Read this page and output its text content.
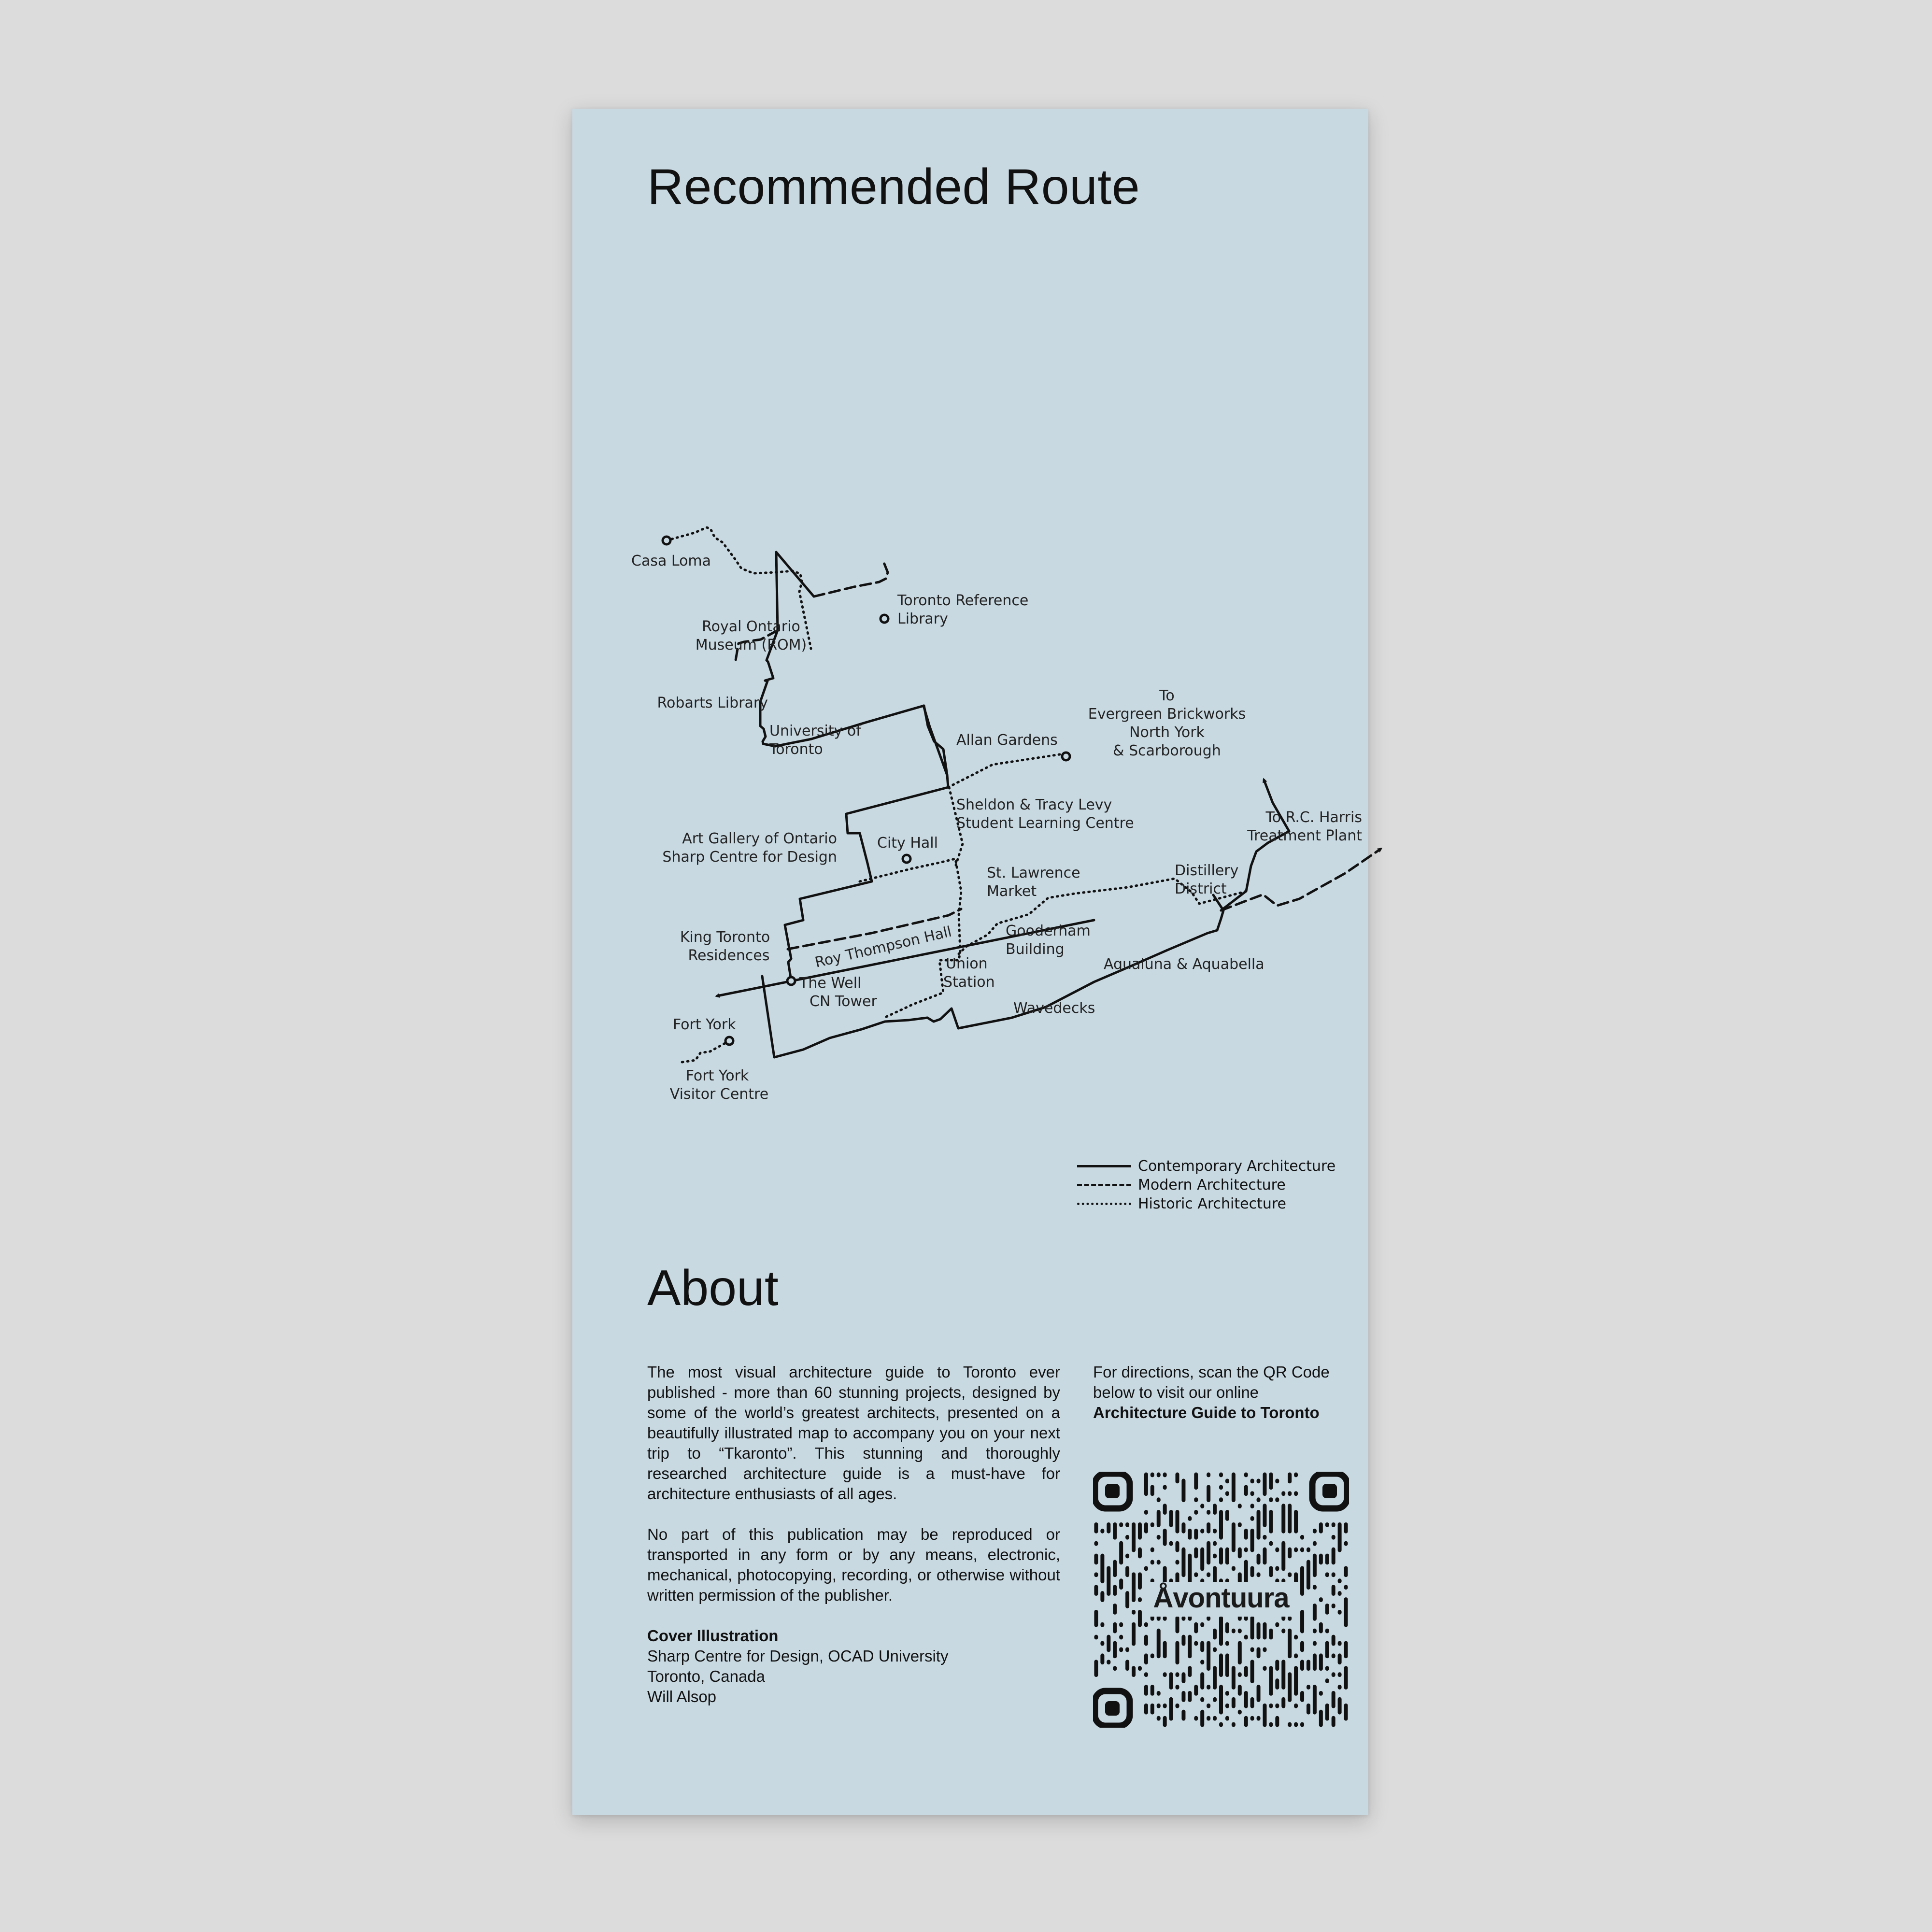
Recommended Route
Casa Loma
Toronto Reference
Library
Royal Ontario
Museum (ROM)
Robarts Library
University of
Toronto
Allan Gardens
To
Evergreen Brickworks
North York
& Scarborough
Sheldon & Tracy Levy
Student Learning Centre	To R.C. Harris
Treatment Plant
Art Gallery of Ontario
Sharp Centre for Design
City Hall
St. Lawrence
Market
Distillery
District
King Toronto
Residences	Roy Thompson Hall	Gooderham
Building
Union
Station
Aqualuna & Aquabella
The Well
CN Tower	Wavedecks
Fort York
Fort York
Visitor Centre
Contemporary Architecture
Modern Architecture
Historic Architecture
About

The most visual architecture guide to Toronto ever published - more than 60 stunning projects, designed by some of the world’s greatest architects, presented on a beautifully illustrated map to accompany you on your next trip to “Tkaronto”. This stunning and thoroughly researched architecture guide is a must-have for architecture enthusiasts of all ages.

No part of this publication may be reproduced or transported in any form or by any means, electronic, mechanical, photocopying, recording, or otherwise without written permission of the publisher.

Cover Illustration
Sharp Centre for Design, OCAD University
Toronto, Canada
Will Alsop
For directions, scan the QR Code below to visit our online
Architecture Guide to Toronto
Åvontuura
